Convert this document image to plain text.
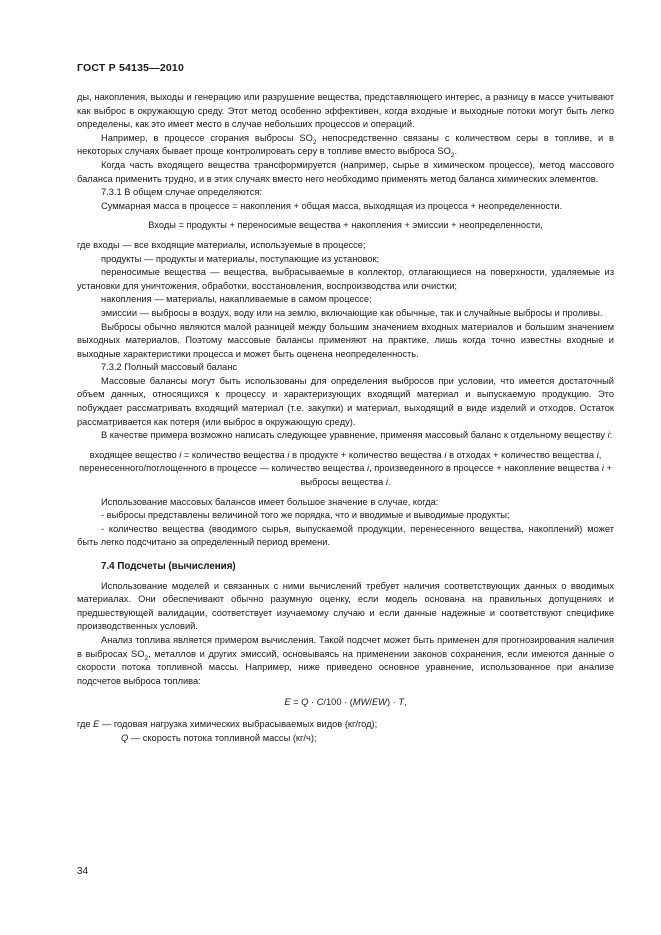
ГОСТ Р 54135—2010

ды, накопления, выходы и генерацию или разрушение вещества, представляющего интерес, а разницу в массе учитывают как выброс в окружающую среду. Этот метод особенно эффективен, когда входные и выходные потоки могут быть легко определены, как это имеет место в случае небольших процессов и операций.

Например, в процессе сгорания выбросы $SO_2$ непосредственно связаны с количеством серы в топливе, и в некоторых случаях бывает проще контролировать серу в топливе вместо выброса $SO_2$.

Когда часть входящего вещества трансформируется (например, сырье в химическом процессе), метод массового баланса применить трудно, и в этих случаях вместо него необходимо применять метод баланса химических элементов.

7.3.1 В общем случае определяются:

Суммарная масса в процессе = накопления + общая масса, выходящая из процесса + неопределенности.

Входы = продукты + переносимые вещества + накопления + эмиссии + неопределенности,

где входы — все входящие материалы, используемые в процессе;

продукты — продукты и материалы, поступающие из установок;

переносимые вещества — вещества, выбрасываемые в коллектор, отлагающиеся на поверхности, удаляемые из установки для уничтожения, обработки, восстановления, воспроизводства или очистки;

накопления — материалы, накапливаемые в самом процессе;

эмиссии — выбросы в воздух, воду или на землю, включающие как обычные, так и случайные выбросы и проливы.

Выбросы обычно являются малой разницей между большим значением входных материалов и большим значением выходных материалов. Поэтому массовые балансы применяют на практике, лишь когда точно известны входные и выходные характеристики процесса и может быть оценена неопределенность.

7.3.2 Полный массовый баланс

Массовые балансы могут быть использованы для определения выбросов при условии, что имеется достаточный объем данных, относящихся к процессу и характеризующих входящий материал и выпускаемую продукцию. Это побуждает рассматривать входящий материал (т.е. закупки) и материал, выходящий в виде изделий и отходов. Остаток рассматривается как потеря (или выброс в окружающую среду).

В качестве примера возможно написать следующее уравнение, применяя массовый баланс к отдельному веществу i:

входящее вещество i = количество вещества i в продукте + количество вещества i в отходах + количество вещества i, перенесенного/поглощенного в процессе — количество вещества i, произведенного в процессе + накопление вещества i + выбросы вещества i.

Использование массовых балансов имеет большое значение в случае, когда:

- выбросы представлены величиной того же порядка, что и вводимые и выводимые продукты;

- количество вещества (вводимого сырья, выпускаемой продукции, перенесенного вещества, накоплений) может быть легко подсчитано за определенный период времени.

7.4 Подсчеты (вычисления)

Использование моделей и связанных с ними вычислений требует наличия соответствующих данных о вводимых материалах. Они обеспечивают обычно разумную оценку, если модель основана на правильных допущениях и предшествующей валидации, соответствует изучаемому случаю и если данные надежные и соответствуют специфике производственных условий.

Анализ топлива является примером вычисления. Такой подсчет может быть применен для прогнозирования наличия в выбросах $SO_2$, металлов и других эмиссий, основываясь на применении законов сохранения, если имеются данные о скорости потока топливной массы. Например, ниже приведено основное уравнение, использованное при анализе подсчетов выброса топлива:

E = Q · C/100 · (MW/EW) · T,

где E — годовая нагрузка химических выбрасываемых видов (кг/год);

Q — скорость потока топливной массы (кг/ч);

34
